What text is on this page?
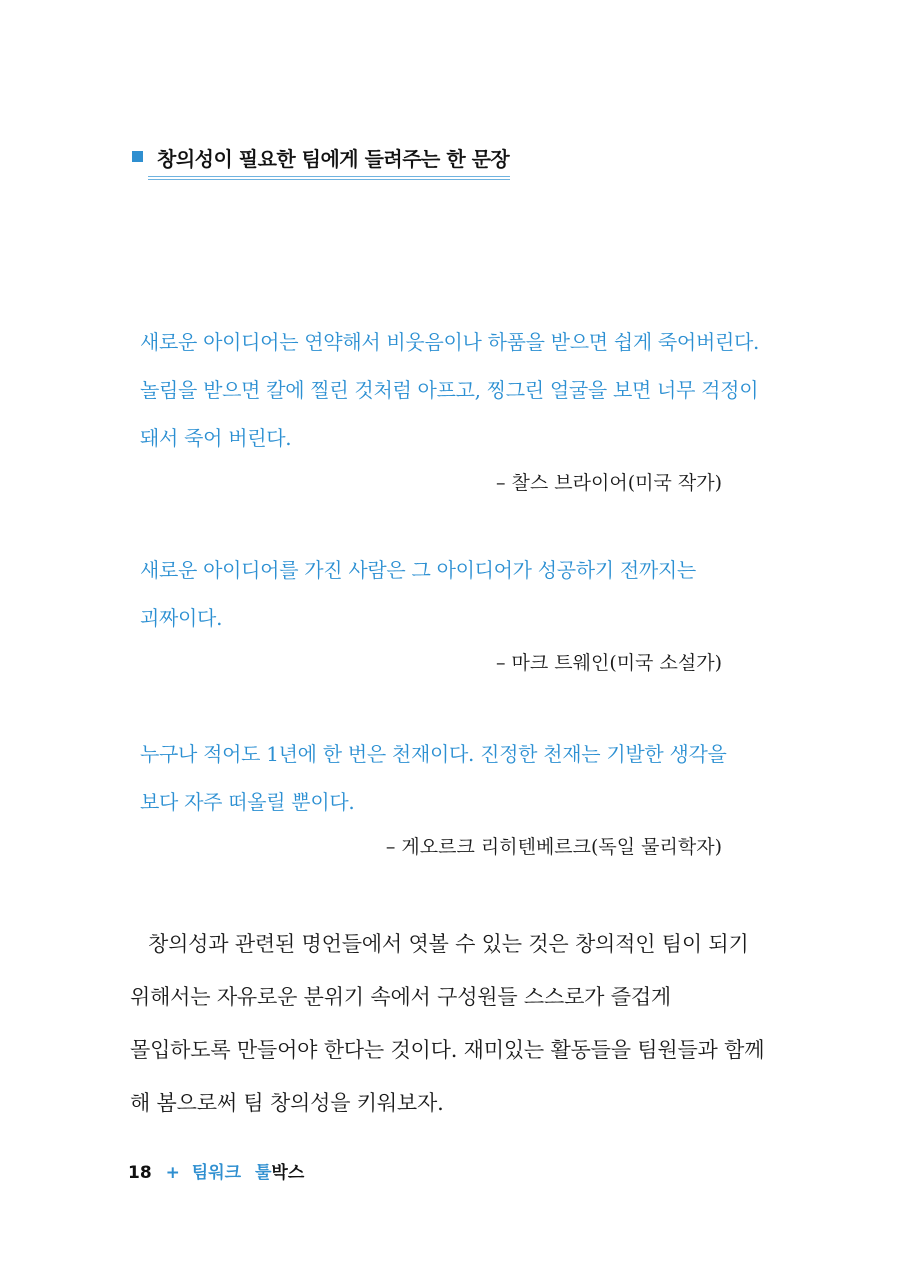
창의성이 필요한 팀에게 들려주는 한 문장
새로운 아이디어는 연약해서 비웃음이나 하품을 받으면 쉽게 죽어버린다. 놀림을 받으면 칼에 찔린 것처럼 아프고, 찡그린 얼굴을 보면 너무 걱정이 돼서 죽어 버린다.
– 찰스 브라이어(미국 작가)
새로운 아이디어를 가진 사람은 그 아이디어가 성공하기 전까지는 괴짜이다.
– 마크 트웨인(미국 소설가)
누구나 적어도 1년에 한 번은 천재이다. 진정한 천재는 기발한 생각을 보다 자주 떠올릴 뿐이다.
– 게오르크 리히텐베르크(독일 물리학자)
창의성과 관련된 명언들에서 엿볼 수 있는 것은 창의적인 팀이 되기 위해서는 자유로운 분위기 속에서 구성원들 스스로가 즐겁게 몰입하도록 만들어야 한다는 것이다. 재미있는 활동들을 팀원들과 함께 해 봄으로써 팀 창의성을 키워보자.
18 + 팀워크 툴박스
